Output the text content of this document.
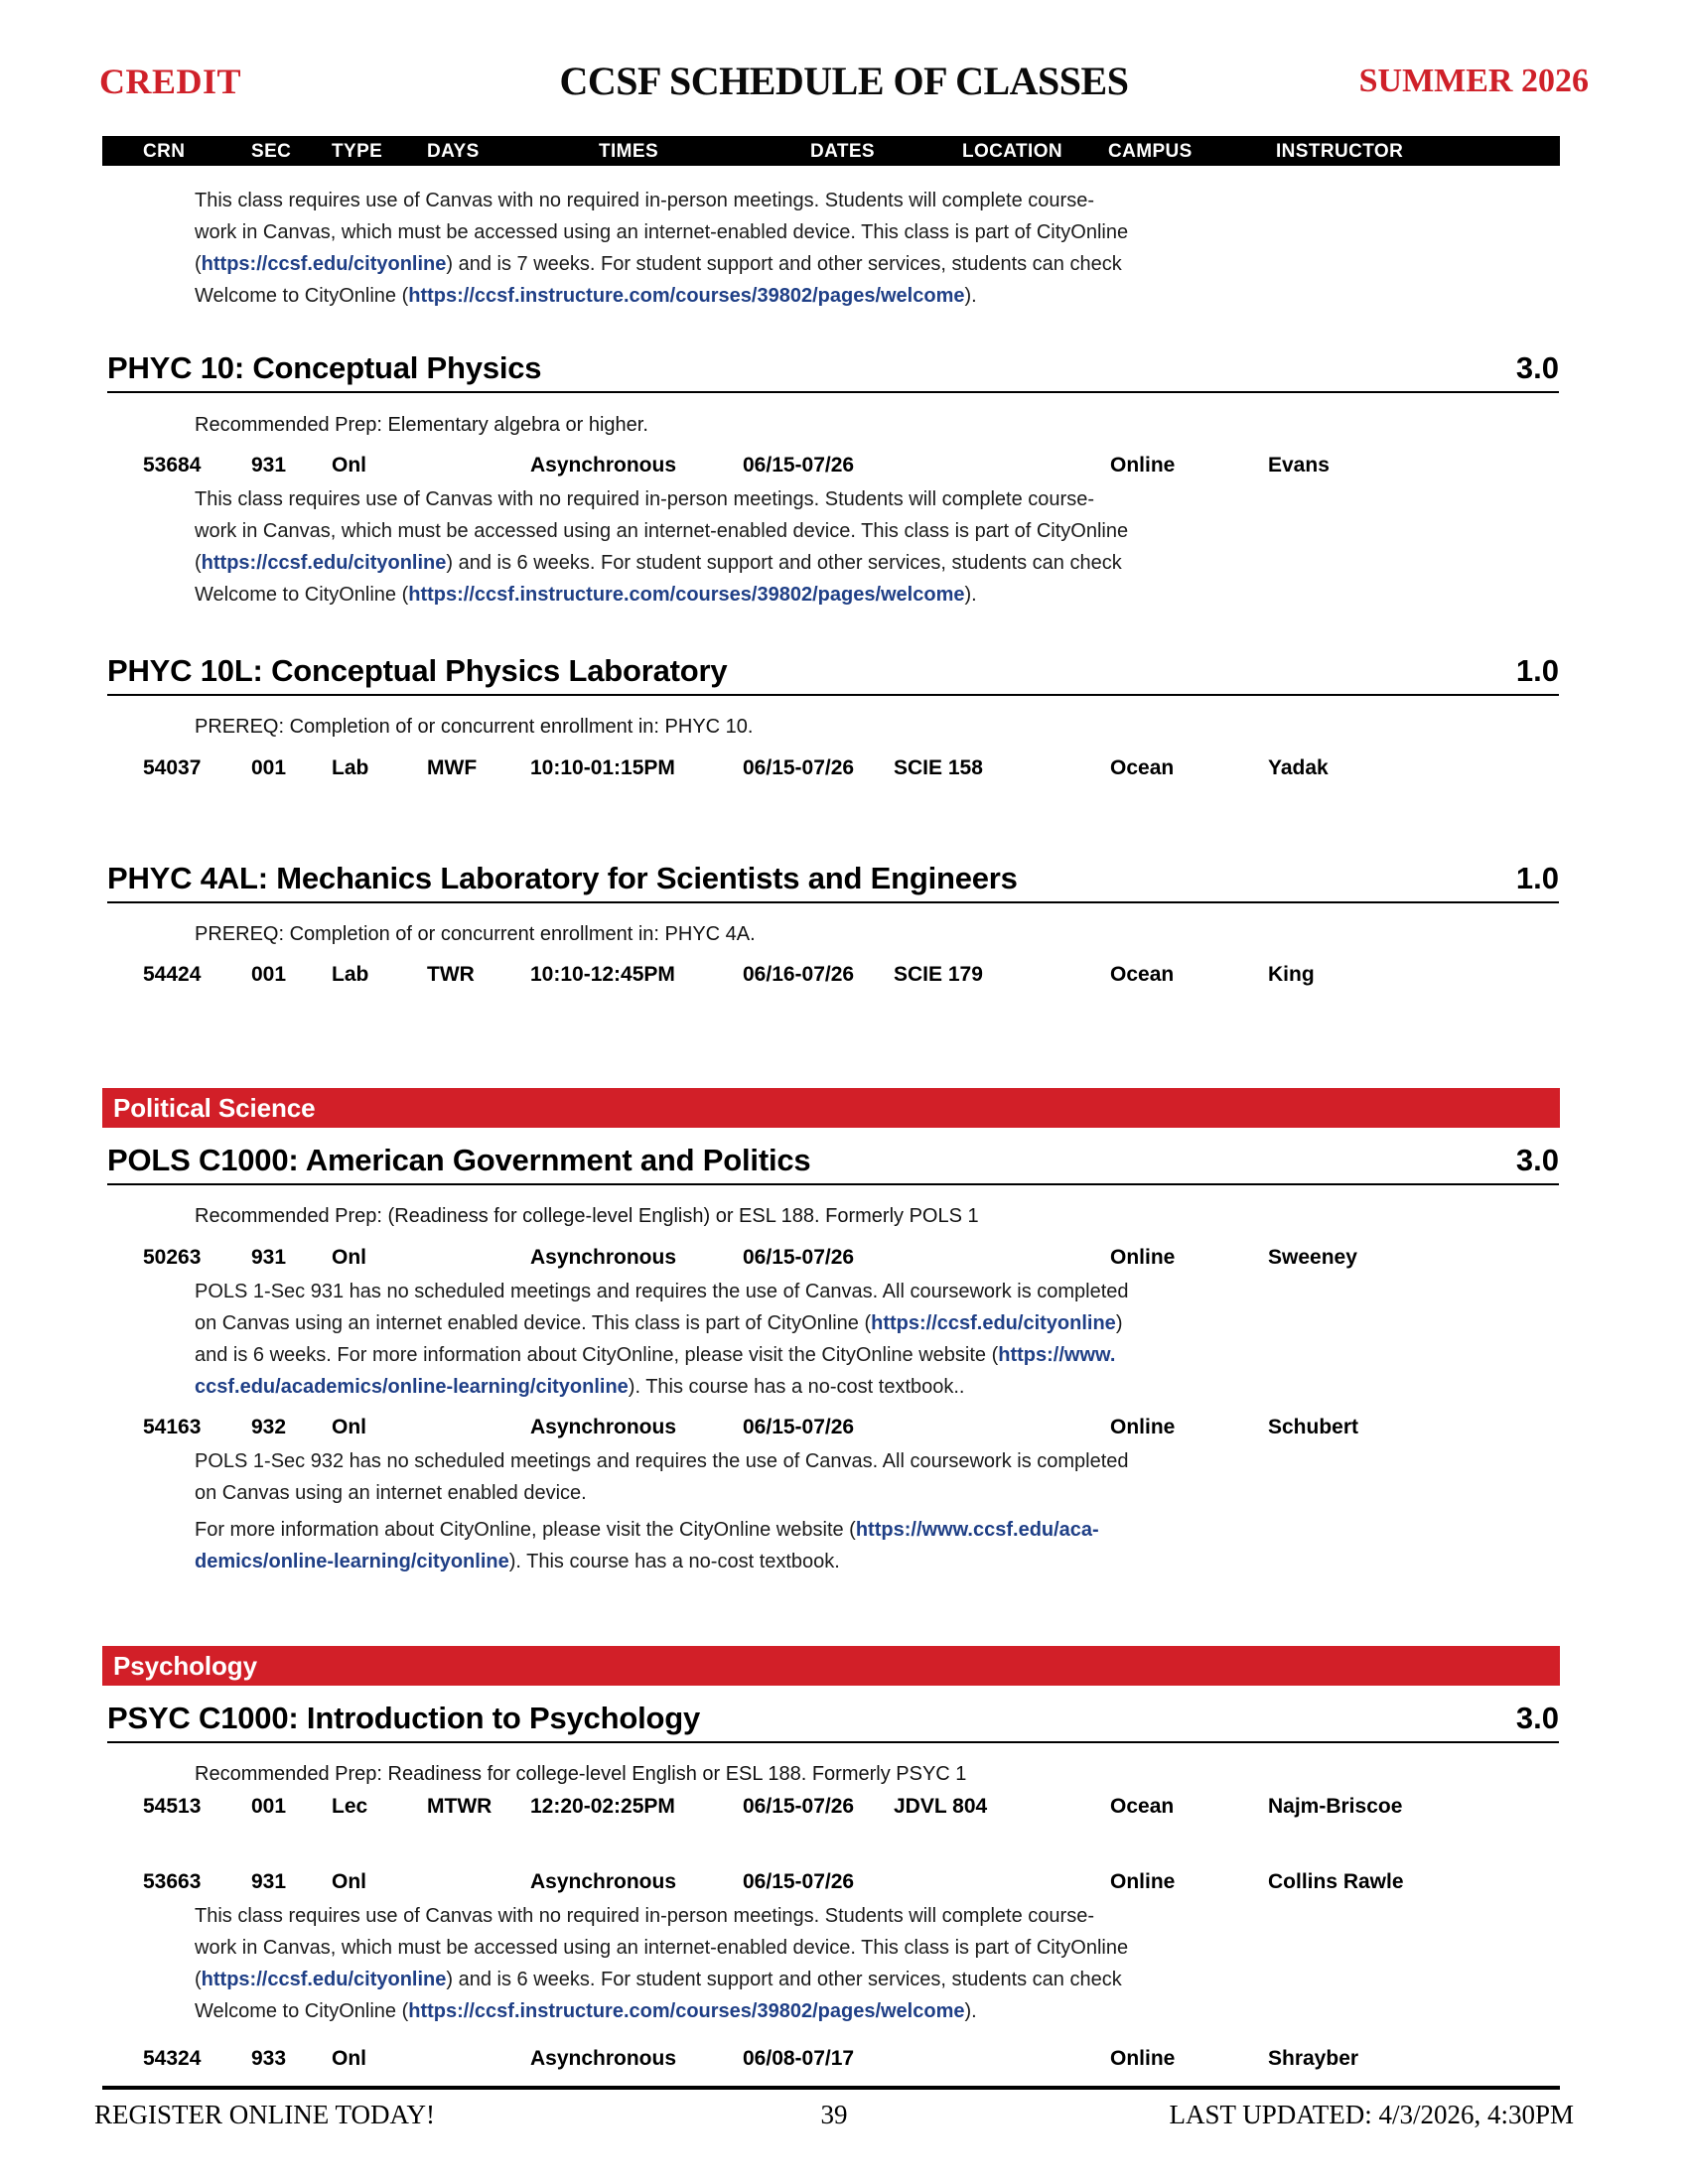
CREDIT	CCSF SCHEDULE OF CLASSES	SUMMER 2026
CRN	SEC TYPE DAYS	TIMES	DATES	LOCATION CAMPUS	INSTRUCTOR
This class requires use of Canvas with no required in-person meetings. Students will complete course-
work in Canvas, which must be accessed using an internet-enabled device. This class is part of CityOnline
(https://ccsf.edu/cityonline) and is 7 weeks. For student support and other services, students can check
Welcome to CityOnline (https://ccsf.instructure.com/courses/39802/pages/welcome).
PHYC 10: Conceptual Physics	3.0
Recommended Prep: Elementary algebra or higher.
53684 931 Onl	Asynchronous	06/15-07/26	Online	Evans
This class requires use of Canvas with no required in-person meetings. Students will complete course-
work in Canvas, which must be accessed using an internet-enabled device. This class is part of CityOnline
(https://ccsf.edu/cityonline) and is 6 weeks. For student support and other services, students can check
Welcome to CityOnline (https://ccsf.instructure.com/courses/39802/pages/welcome).
PHYC 10L: Conceptual Physics Laboratory	1.0
PREREQ: Completion of or concurrent enrollment in: PHYC 10.
54037 001 Lab	MWF	10:10-01:15PM	06/15-07/26 SCIE 158	Ocean	Yadak
PHYC 4AL: Mechanics Laboratory for Scientists and Engineers	1.0
PREREQ: Completion of or concurrent enrollment in: PHYC 4A.
54424 001 Lab	TWR	10:10-12:45PM	06/16-07/26 SCIE 179	Ocean	King
Political Science
POLS C1000: American Government and Politics	3.0
Recommended Prep: (Readiness for college-level English) or ESL 188. Formerly POLS 1
50263 931 Onl	Asynchronous	06/15-07/26	Online	Sweeney
POLS 1-Sec 931 has no scheduled meetings and requires the use of Canvas. All coursework is completed
on Canvas using an internet enabled device. This class is part of CityOnline (https://ccsf.edu/cityonline)
and is 6 weeks. For more information about CityOnline, please visit the CityOnline website (https://www.
ccsf.edu/academics/online-learning/cityonline). This course has a no-cost textbook..
54163 932 Onl	Asynchronous	06/15-07/26	Online	Schubert
POLS 1-Sec 932 has no scheduled meetings and requires the use of Canvas. All coursework is completed
on Canvas using an internet enabled device.
For more information about CityOnline, please visit the CityOnline website (https://www.ccsf.edu/aca-
demics/online-learning/cityonline). This course has a no-cost textbook.
Psychology
PSYC C1000: Introduction to Psychology	3.0
Recommended Prep: Readiness for college-level English or ESL 188. Formerly PSYC 1
54513 001 Lec	MTWR 12:20-02:25PM	06/15-07/26 JDVL 804	Ocean	Najm-Briscoe
53663 931 Onl	Asynchronous	06/15-07/26	Online	Collins Rawle
This class requires use of Canvas with no required in-person meetings. Students will complete course-
work in Canvas, which must be accessed using an internet-enabled device. This class is part of CityOnline
(https://ccsf.edu/cityonline) and is 6 weeks. For student support and other services, students can check
Welcome to CityOnline (https://ccsf.instructure.com/courses/39802/pages/welcome).
54324 933 Onl	Asynchronous	06/08-07/17	Online	Shrayber
REGISTER ONLINE TODAY!	39	LAST UPDATED: 4/3/2026, 4:30PM
